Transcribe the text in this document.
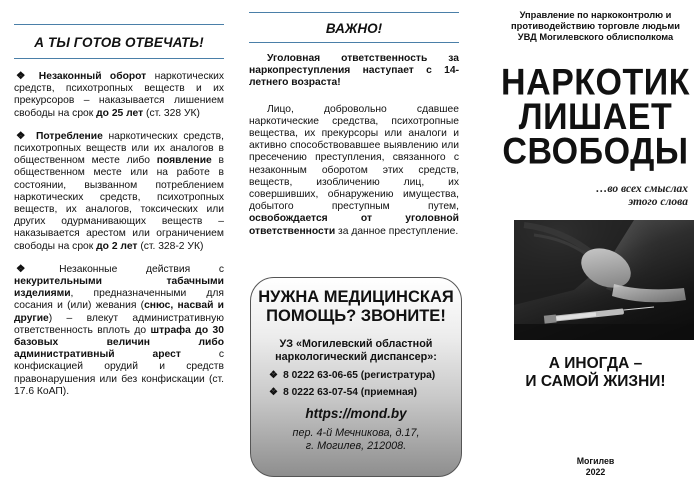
А ТЫ ГОТОВ ОТВЕЧАТЬ!

❖ Незаконный оборот наркотических средств, психотропных веществ и их прекурсоров – наказывается лишением свободы на срок до 25 лет (ст. 328 УК)

❖ Потребление наркотических средств, психотропных веществ или их аналогов в общественном месте либо появление в общественном месте или на работе в состоянии, вызванном потреблением наркотических средств, психотропных веществ, их аналогов, токсических или других одурманивающих веществ – наказывается арестом или ограничением свободы на срок до 2 лет (ст. 328-2 УК)

❖ Незаконные действия с некурительными табачными изделиями, предназначенными для сосания и (или) жевания (снюс, насвай и другие) – влекут административную ответственность вплоть до штрафа до 30 базовых величин либо административный арест с конфискацией орудий и средств правонарушения или без конфискации (ст. 17.6 КоАП).

ВАЖНО!

Уголовная ответственность за наркопреступления наступает с 14-летнего возраста!

Лицо, добровольно сдавшее наркотические средства, психотропные вещества, их прекурсоры или аналоги и активно способствовавшее выявлению или пресечению преступления, связанного с незаконным оборотом этих средств, веществ, изобличению лиц, их совершивших, обнаружению имущества, добытого преступным путем, освобождается от уголовной ответственности за данное преступление.

НУЖНА МЕДИЦИНСКАЯ ПОМОЩЬ? ЗВОНИТЕ!
УЗ «Могилевский областной наркологический диспансер»:
❖ 8 0222 63-06-65 (регистратура)
❖ 8 0222 63-07-54 (приемная)
https://mond.by
пер. 4-й Мечникова, д.17,
г. Могилев, 212008.
Управление по наркоконтролю и
противодействию торговле людьми
УВД Могилевского облисполкома
НАРКОТИК
ЛИШАЕТ
СВОБОДЫ
…во всех смыслах
этого слова
А ИНОГДА –
И САМОЙ ЖИЗНИ!
Могилев
2022
